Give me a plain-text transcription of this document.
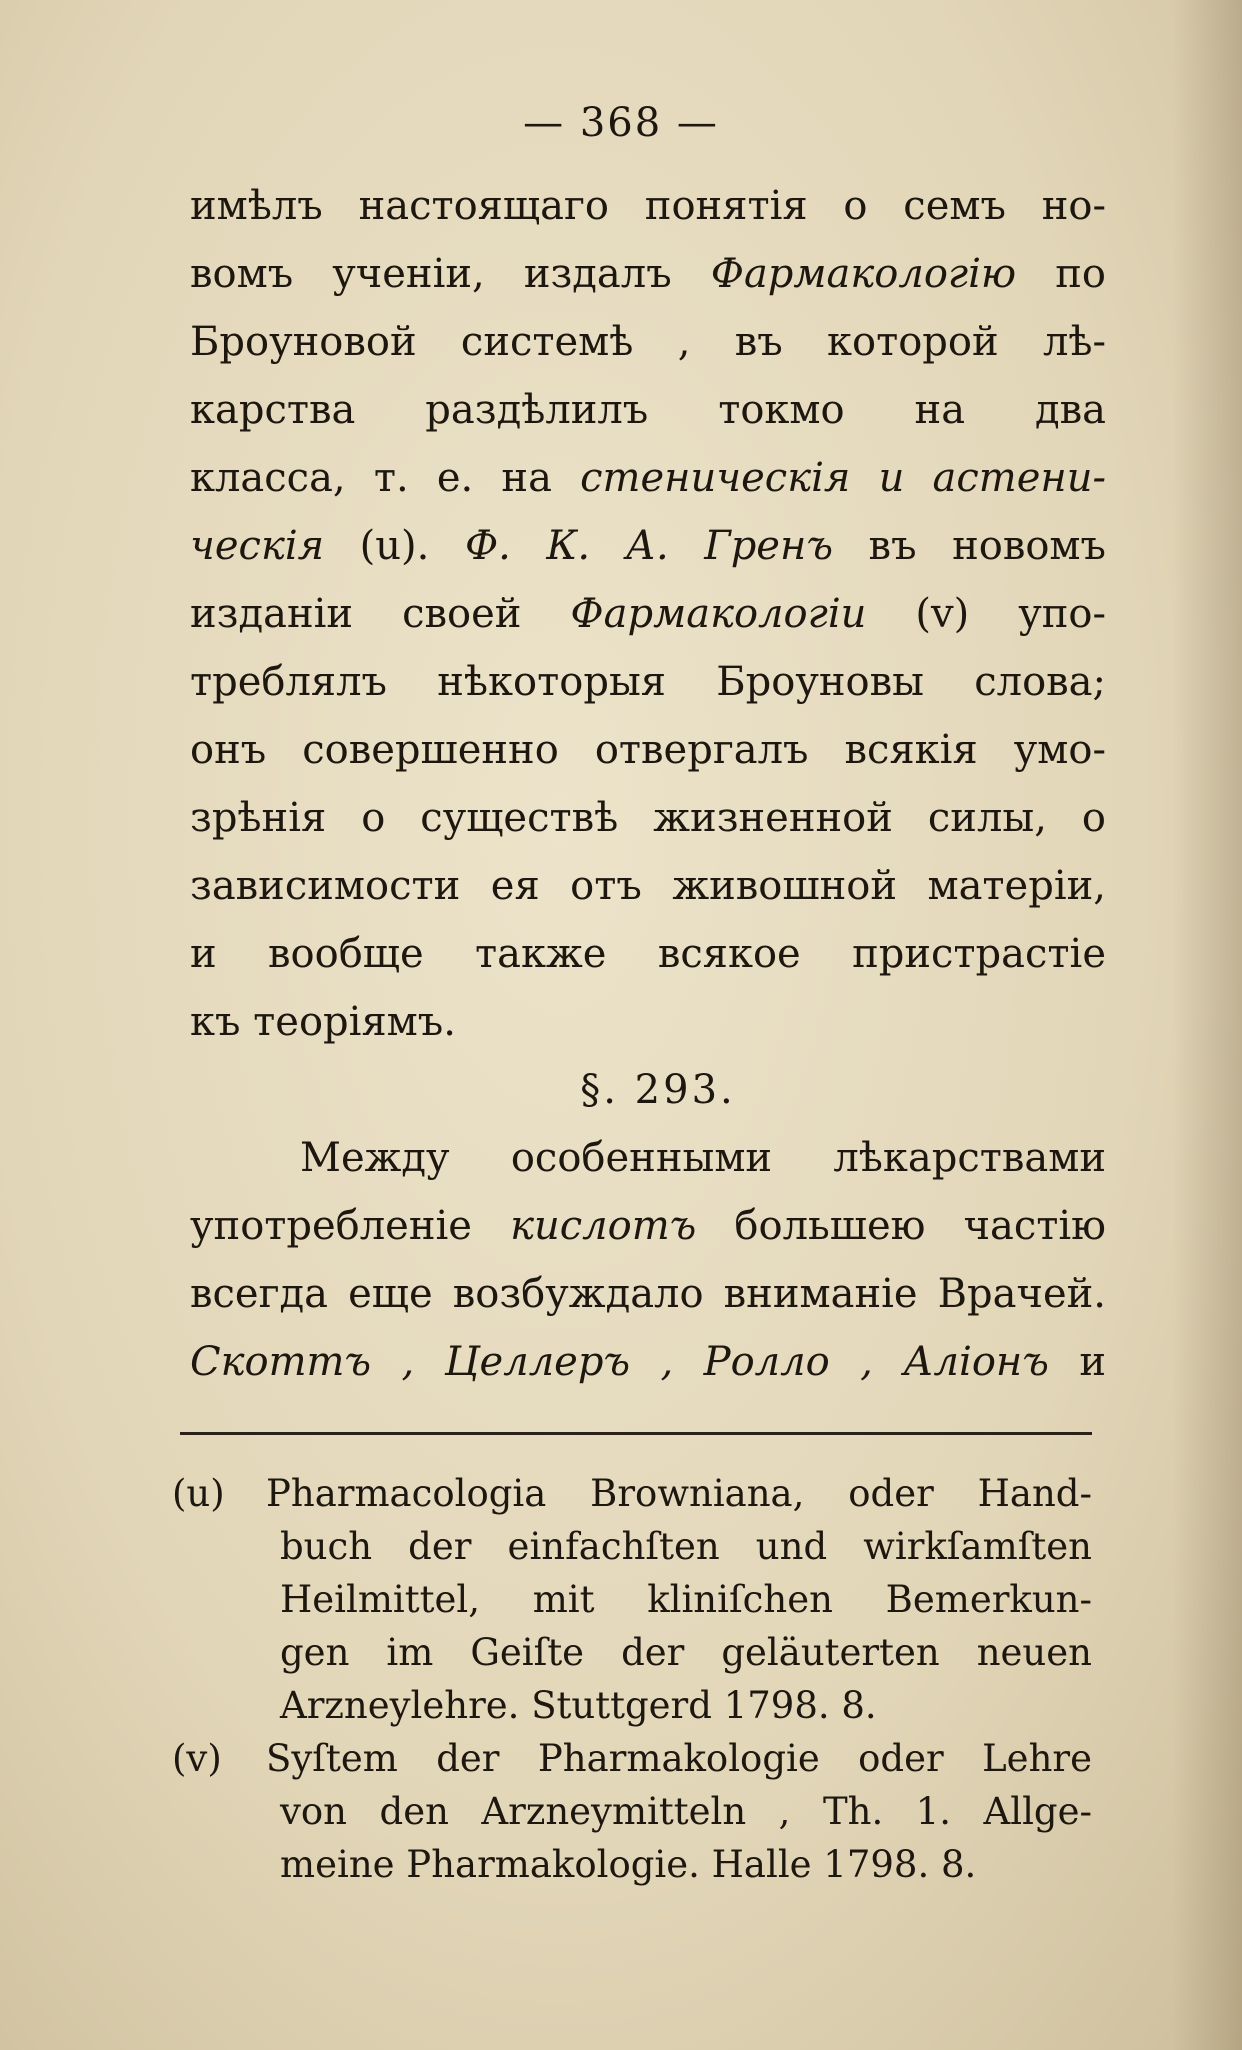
— 368 —
имѣлъ настоящаго понятія о семъ но-
вомъ ученіи, издалъ Фармакологію по
Броуновой системѣ , въ которой лѣ-
карства раздѣлилъ токмо на два
класса, т. е. на стеническія и астени-
ческія (u). Ф. К. А. Гренъ въ новомъ
изданіи своей Фармакологіи (v) упо-
треблялъ нѣкоторыя Броуновы слова;
онъ совершенно отвергалъ всякія умо-
зрѣнія о существѣ жизненной силы, о
зависимости ея отъ живошной матеріи,
и вообще также всякое пристрастіе
къ теоріямъ.
§. 293.
Между особенными лѣкарствами
употребленіе кислотъ большею частію
всегда еще возбуждало вниманіе Врачей.
Скоттъ , Целлеръ , Ролло , Аліонъ и
(u) Pharmacologia Browniana, oder Hand-
buch der einfachſten und wirkſamſten
Heilmittel, mit kliniſchen Bemerkun-
gen im Geiſte der geläuterten neuen
Arzneylehre. Stuttgerd 1798. 8.
(v) Syſtem der Pharmakologie oder Lehre
von den Arzneymitteln , Th. 1. Allge-
meine Pharmakologie. Halle 1798. 8.
